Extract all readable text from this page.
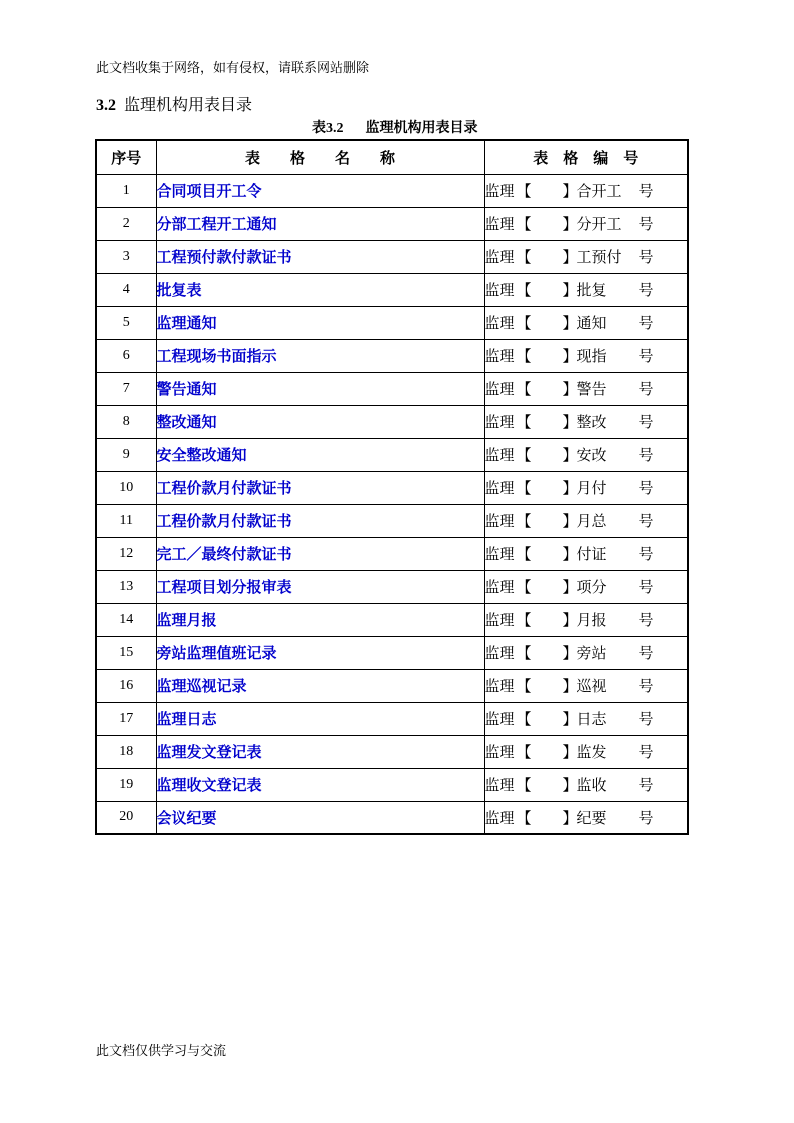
此文档收集于网络，如有侵权，请联系网站删除
3.2 监理机构用表目录
表3.2 监理机构用表目录
序号	表　　格　　名　　称	表　格　编　号
1	合同项目开工令	监理 【 】合开工 号
2	分部工程开工通知	监理 【 】分开工 号
3	工程预付款付款证书	监理 【 】工预付 号
4	批复表	监理 【 】批复 号
5	监理通知	监理 【 】通知 号
6	工程现场书面指示	监理 【 】现指 号
7	警告通知	监理 【 】警告 号
8	整改通知	监理 【 】整改 号
9	安全整改通知	监理 【 】安改 号
10	工程价款月付款证书	监理 【 】月付 号
11	工程价款月付款证书	监理 【 】月总 号
12	完工／最终付款证书	监理 【 】付证 号
13	工程项目划分报审表	监理 【 】项分 号
14	监理月报	监理 【 】月报 号
15	旁站监理值班记录	监理 【 】旁站 号
16	监理巡视记录	监理 【 】巡视 号
17	监理日志	监理 【 】日志 号
18	监理发文登记表	监理 【 】监发 号
19	监理收文登记表	监理 【 】监收 号
20	会议纪要	监理 【 】纪要 号
此文档仅供学习与交流
